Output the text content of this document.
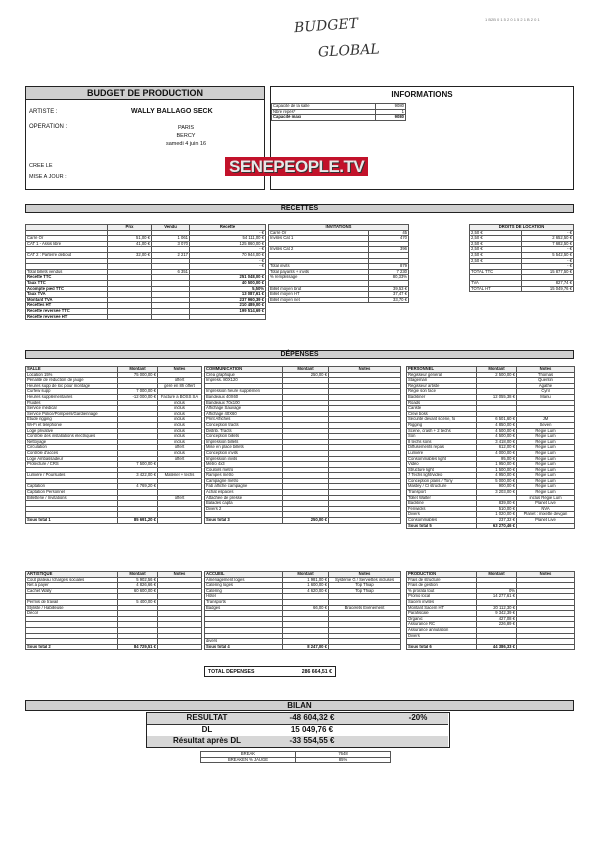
1 B2B 0 1 5 2 0 1 5 2 1 B 2 0 1
BUDGET
GLOBAL
BUDGET DE PRODUCTION
ARTISTE :	WALLY BALLAGO SECK
OPERATION :	PARIS
BERCY
samedi 4 juin 16
CREE LE
MISE A JOUR :
INFORMATIONS
Capacité de la salle	9080
Nbre repés*	1
Capacité maxi	9080
SENEPEOPLE.TV
RECETTES
	Prix	Vendu	Recette
			- €
Carré Or	51,00 €	1 061	54 111,00 €
CAT 1 - Assis libre	41,00 €	3 070	125 860,00 €
			- €
CAT 2 : Parterre debout	32,00 €	2 217	70 944,00 €
			- €
			- €
Total billets vendus		6 351	
Recette TTC			251 048,00 €
Taux TTC			40 500,00 €
Acompte pied TTC			5,50%
Taux TVA			13 087,61 €
Montant TVA			237 960,39 €
Recettes HT			210 489,00 €
Recette reversée TTC			199 514,69 €
Recette reversée HT			
INVITATIONS	
Carré Or	45
Invités Cat 1	470

Invités Cat 2	396

Total invits	879
Total payants + invits	7 230
% remplissage	80,33%

Billet moyen brut	39,53 €
Billet moyen HT	37,47 €
Billet moyen net	33,70 €
DROITS DE LOCATION	
2,50 €	- €
2,50 €	2 652,50 €
2,50 €	7 682,50 €
2,50 €	- €
2,50 €	5 542,50 €
2,50 €	- €
	- €
TOTAL TTC	15 877,50 €

TVA	827,74 €
TOTAL HT	15 049,76 €
DÉPENSES
SALLE	Montant	Notes
Location 15%	75 000,00 €	
Pénalité de réduction de jauge		offert
Heures supp de loc pour montage		géré en 8h offert
Curfew supp	7 000,00 €	
Heures supplémentaires	-12 000,00 €	Facturé à BOSS SA
Fluides		inclus
Service médical		inclus
Service Police/Pompiers/Gardiennage		inclus
Etude rigging		inclus
Wi-Fi et téléphonie		inclus
Loge privative		inclus
Contrôle des installations électriques		inclus
Nettoyage		inclus
Circulation		offert
Contrôle d'accès		inclus
Loge Ambassadeur		offert
Protecture / CRS	7 500,00 €	

Lumière / Poursuites	3 422,00 €	Matériel + techs

Captation	4 769,20 €	
Captation Personnel		
Billetterie / Invitations		offert

Sous total 1	85 691,20 €	
COMMUNICATION	Montant	Notes
Créa graphique	250,00 €	
Impress. 80X120		

Impression heure supplémen		
Bandeaux 40X60		
Bandeaux 70x100		
Affichage Sauvage		
Affichage 40X60		
Print Affiches		
Conception tracts		
Distrib. Tracts		
Conception billets		
Impression billets		
Mise en place billets		
Conception invits		
Impression invits		
Métro 4x3		
Couloirs métro		
Rampes métro		
Campagne métro		
Fab affiche campagne		
Achat espaces		
Attachée de presse		
Balades capta		
Divers 2		

Sous total 3	250,00 €	
PERSONNEL	Montant	Notes
Régisseur général	2 500,00 €	Thomas
Stageman		Quentin
Régisseur artiste		Agathe
Régie son face		Cyril
Backliner	12 055,38 €	Manu
Roads		
Cariste		
Crew boss		
Sécurité devant scène, fo	6 501,60 €	JM
Rigging	4 850,00 €	Seven
Scène, crash + 2 techs	4 500,00 €	Régie Lum
Son	4 500,00 €	Régie Lum
8 techs sons	3 418,00 €	Régie Lum
Diffusements repas	612,00 €	Régie Lum
Lumière	4 000,00 €	Régie Lum
Consommables light	95,00 €	Régie Lum
Vidéo	1 950,00 €	Régie Lum
Structure light	1 500,00 €	Régie Lum
7 Techs light/vidéo	4 950,00 €	Régie Lum
Conception plans / Tony	5 000,00 €	Régie Lum
Mastey / Cl structure	900,00 €	Régie Lum
Transport	3 203,00 €	Régie Lum
Tollet Walter		inclus Régie Lum
Backline	839,00 €	Planet Live
Fenwicks	510,00 €	NVA
Divers	1 020,00 €	Planet : mixette devgan
Consommables	237,32 €	Planet Live
Sous total 5	63 270,46 €	
ARTISTIQUE	Montant	Notes
Coût plateau /charges sociales	5 902,56 €	
Net à payer	4 826,66 €	
Cachet Wally	60 600,00 €	

Permis de travail	5 400,00 €	
Styliste / Habilleuse		
Décor		

Sous total 2	84 729,51 €	
ACCUEIL	Montant	Notes
Aménagement loges	1 981,00 €	Système G / Serviettes incluses
Catering loges	1 600,00 €	Top Thiap
Catering	4 620,00 €	Top Thiap
Hôtel		
Transports		
Badges	66,00 €	Bracelets Evènement

divers		
Sous total 4	8 247,00 €	
PRODUCTION	Montant	Notes
Frais de structure		
Frais de gestion		
% prorata tout	0%	
Promo local	14 277,61 €	
Sacem invités		
Montant Sacem HT	20 112,30 €	
Parafiscale	9 342,39 €	
Organic	427,08 €	
Assurance RC	226,89 €	
Assurance annulation		
Divers		

Sous total 6	44 386,33 €	
TOTAL DEPENSES	286 664,51 €
BILAN
RESULTAT	-48 604,32 €	-20%
DL	15 049,76 €
Résultat après DL	-33 554,55 €
BREAK	7648
BREAKEN % JAUGE	85%
